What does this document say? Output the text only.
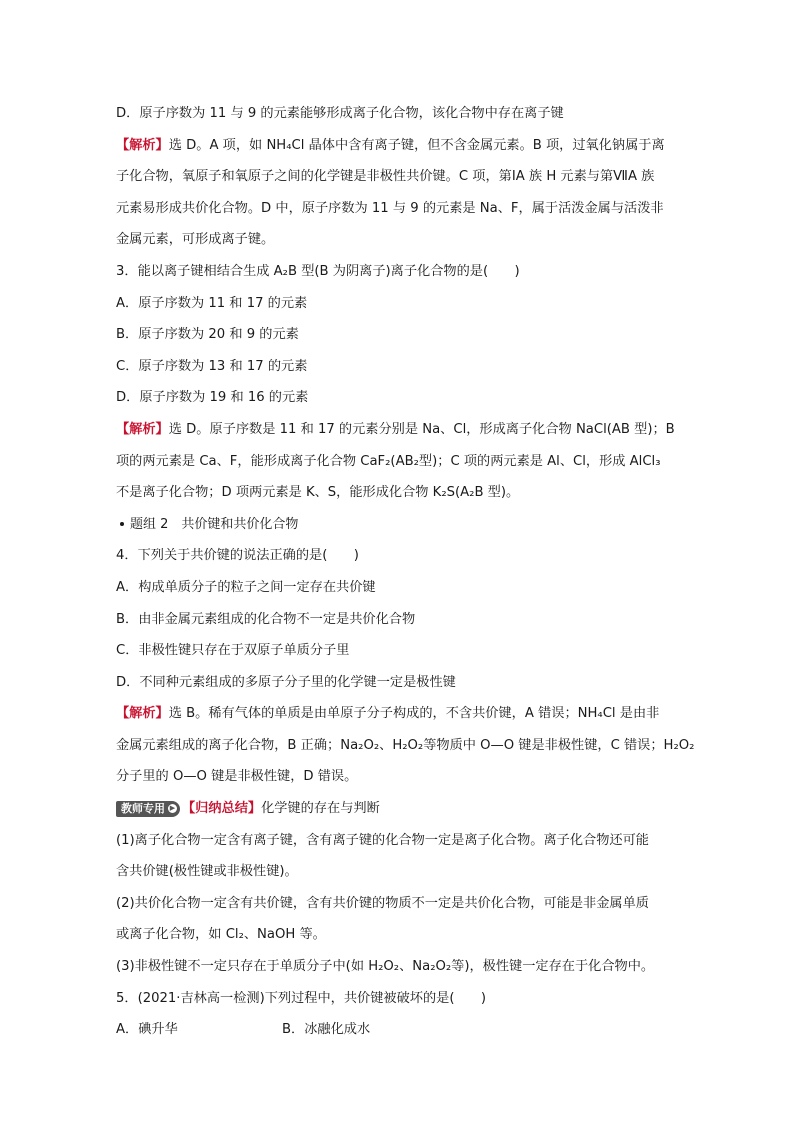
D．原子序数为 11 与 9 的元素能够形成离子化合物，该化合物中存在离子键
【解析】选 D。A 项，如 NH₄Cl 晶体中含有离子键，但不含金属元素。B 项，过氧化钠属于离
子化合物，氧原子和氧原子之间的化学键是非极性共价键。C 项，第ⅠA 族 H 元素与第ⅦA 族
元素易形成共价化合物。D 中，原子序数为 11 与 9 的元素是 Na、F，属于活泼金属与活泼非
金属元素，可形成离子键。
3．能以离子键相结合生成 A₂B 型(B 为阴离子)离子化合物的是(　　)
A．原子序数为 11 和 17 的元素
B．原子序数为 20 和 9 的元素
C．原子序数为 13 和 17 的元素
D．原子序数为 19 和 16 的元素
【解析】选 D。原子序数是 11 和 17 的元素分别是 Na、Cl，形成离子化合物 NaCl(AB 型)；B
项的两元素是 Ca、F，能形成离子化合物 CaF₂(AB₂型)；C 项的两元素是 Al、Cl，形成 AlCl₃
不是离子化合物；D 项两元素是 K、S，能形成化合物 K₂S(A₂B 型)。
题组 2　共价键和共价化合物
4．下列关于共价键的说法正确的是(　　)
A．构成单质分子的粒子之间一定存在共价键
B．由非金属元素组成的化合物不一定是共价化合物
C．非极性键只存在于双原子单质分子里
D．不同种元素组成的多原子分子里的化学键一定是极性键
【解析】选 B。稀有气体的单质是由单原子分子构成的，不含共价键，A 错误；NH₄Cl 是由非
金属元素组成的离子化合物，B 正确；Na₂O₂、H₂O₂等物质中 O—O 键是非极性键，C 错误；H₂O₂
分子里的 O—O 键是非极性键，D 错误。
教师专用 ▶ 【归纳总结】 化学键的存在与判断
(1)离子化合物一定含有离子键，含有离子键的化合物一定是离子化合物。离子化合物还可能
含共价键(极性键或非极性键)。
(2)共价化合物一定含有共价键，含有共价键的物质不一定是共价化合物，可能是非金属单质
或离子化合物，如 Cl₂、NaOH 等。
(3)非极性键不一定只存在于单质分子中(如 H₂O₂、Na₂O₂等)，极性键一定存在于化合物中。
5．(2021·吉林高一检测)下列过程中，共价键被破坏的是(　　)
A．碘升华	B．冰融化成水
